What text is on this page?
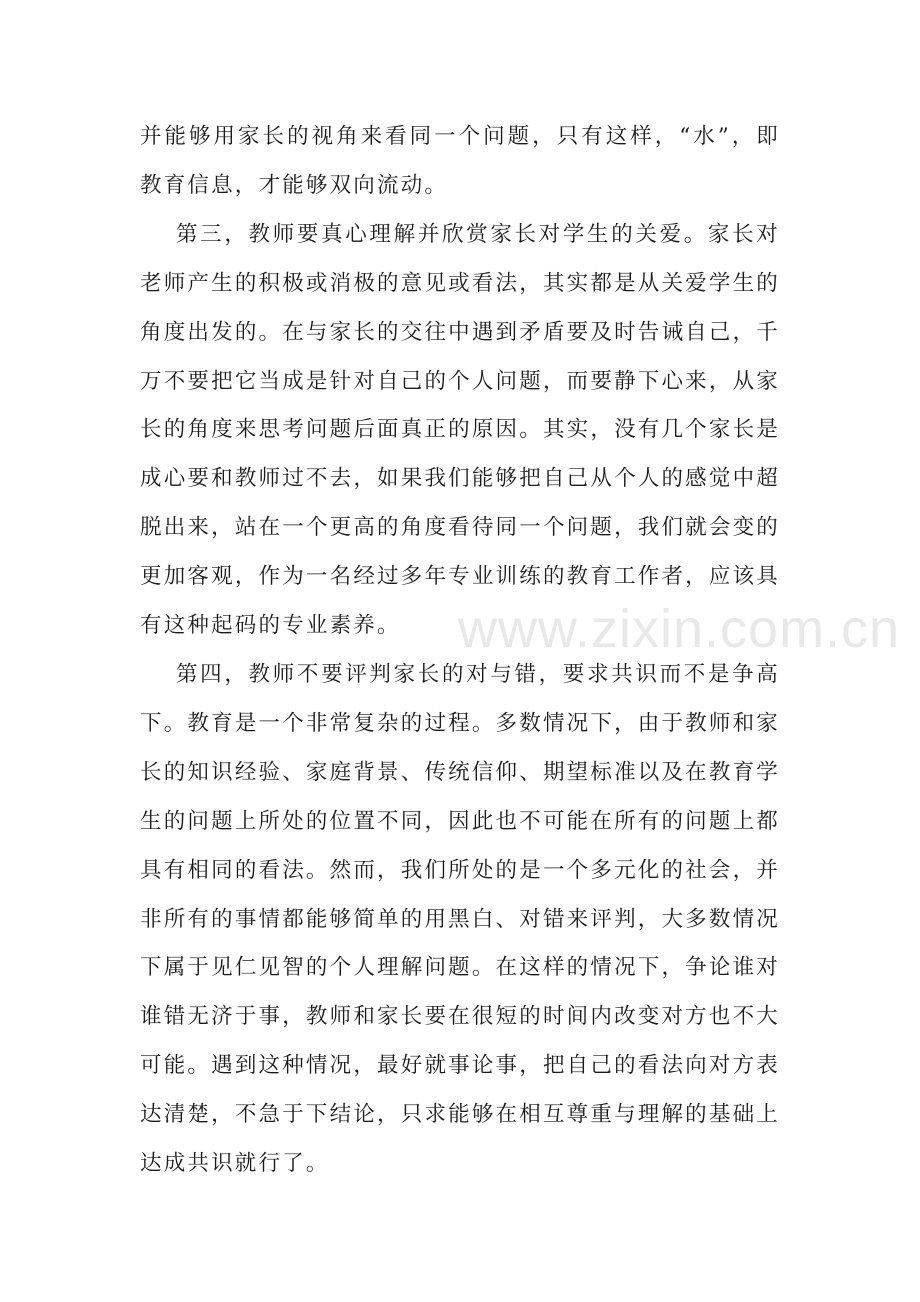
并能够用家长的视角来看同一个问题，只有这样，“水”，即教育信息，才能够双向流动。

第三，教师要真心理解并欣赏家长对学生的关爱。家长对老师产生的积极或消极的意见或看法，其实都是从关爱学生的角度出发的。在与家长的交往中遇到矛盾要及时告诫自己，千万不要把它当成是针对自己的个人问题，而要静下心来，从家长的角度来思考问题后面真正的原因。其实，没有几个家长是成心要和教师过不去，如果我们能够把自己从个人的感觉中超脱出来，站在一个更高的角度看待同一个问题，我们就会变的更加客观，作为一名经过多年专业训练的教育工作者，应该具有这种起码的专业素养。

第四，教师不要评判家长的对与错，要求共识而不是争高下。教育是一个非常复杂的过程。多数情况下，由于教师和家长的知识经验、家庭背景、传统信仰、期望标准以及在教育学生的问题上所处的位置不同，因此也不可能在所有的问题上都具有相同的看法。然而，我们所处的是一个多元化的社会，并非所有的事情都能够简单的用黑白、对错来评判，大多数情况下属于见仁见智的个人理解问题。在这样的情况下，争论谁对谁错无济于事，教师和家长要在很短的时间内改变对方也不大可能。遇到这种情况，最好就事论事，把自己的看法向对方表达清楚，不急于下结论，只求能够在相互尊重与理解的基础上达成共识就行了。

www.zixin.com.cn
